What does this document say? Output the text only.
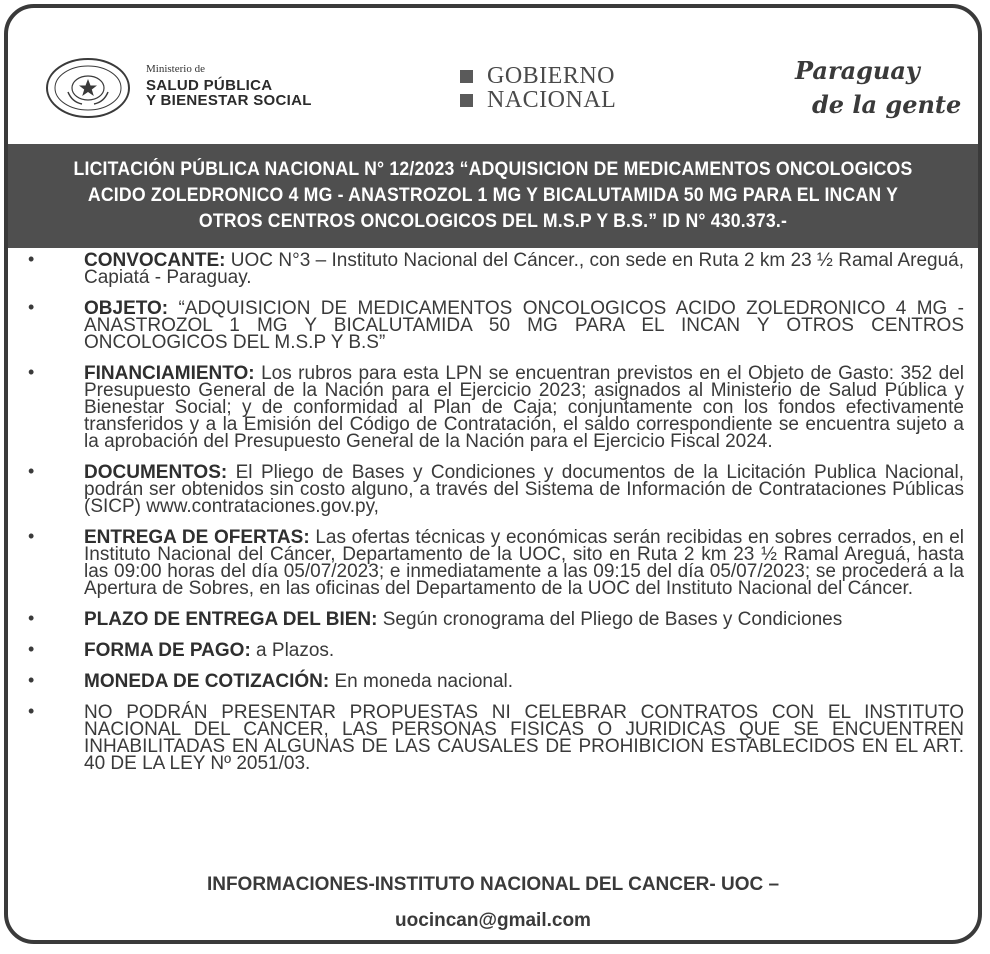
Ministerio de
SALUD PÚBLICA
Y BIENESTAR SOCIAL
GOBIERNO
NACIONAL
Paraguay
de la gente
LICITACIÓN PÚBLICA NACIONAL N° 12/2023 “ADQUISICION DE MEDICAMENTOS ONCOLOGICOS ACIDO ZOLEDRONICO 4 MG - ANASTROZOL 1 MG Y BICALUTAMIDA 50 MG PARA EL INCAN Y OTROS CENTROS ONCOLOGICOS DEL M.S.P Y B.S.” ID N° 430.373.-
•	CONVOCANTE: UOC N°3 – Instituto Nacional del Cáncer., con sede en Ruta 2 km 23 ½ Ramal Areguá, Capiatá - Paraguay.
•	OBJETO: “ADQUISICION DE MEDICAMENTOS ONCOLOGICOS ACIDO ZOLEDRONICO 4 MG - ANASTROZOL 1 MG Y BICALUTAMIDA 50 MG PARA EL INCAN Y OTROS CENTROS ONCOLOGICOS DEL M.S.P Y B.S”
•	FINANCIAMIENTO: Los rubros para esta LPN se encuentran previstos en el Objeto de Gasto: 352 del Presupuesto General de la Nación para el Ejercicio 2023; asignados al Ministerio de Salud Pública y Bienestar Social; y de conformidad al Plan de Caja; conjuntamente con los fondos efectivamente transferidos y a la Emisión del Código de Contratación, el saldo correspondiente se encuentra sujeto a la aprobación del Presupuesto General de la Nación para el Ejercicio Fiscal 2024.
•	DOCUMENTOS: El Pliego de Bases y Condiciones y documentos de la Licitación Publica Nacional, podrán ser obtenidos sin costo alguno, a través del Sistema de Información de Contrataciones Públicas (SICP) www.contrataciones.gov.py,
•	ENTREGA DE OFERTAS: Las ofertas técnicas y económicas serán recibidas en sobres cerrados, en el Instituto Nacional del Cáncer, Departamento de la UOC, sito en Ruta 2 km 23 ½ Ramal Areguá, hasta las 09:00 horas del día 05/07/2023; e inmediatamente a las 09:15 del día 05/07/2023; se procederá a la Apertura de Sobres, en las oficinas del Departamento de la UOC del Instituto Nacional del Cáncer.
•	PLAZO DE ENTREGA DEL BIEN: Según cronograma del Pliego de Bases y Condiciones
•	FORMA DE PAGO: a Plazos.
•	MONEDA DE COTIZACIÓN: En moneda nacional.
•	NO PODRÁN PRESENTAR PROPUESTAS NI CELEBRAR CONTRATOS CON EL INSTITUTO NACIONAL DEL CANCER, LAS PERSONAS FISICAS O JURIDICAS QUE SE ENCUENTREN INHABILITADAS EN ALGUNAS DE LAS CAUSALES DE PROHIBICION ESTABLECIDOS EN EL ART. 40 DE LA LEY Nº 2051/03.
INFORMACIONES-INSTITUTO NACIONAL DEL CANCER- UOC –
uocincan@gmail.com
